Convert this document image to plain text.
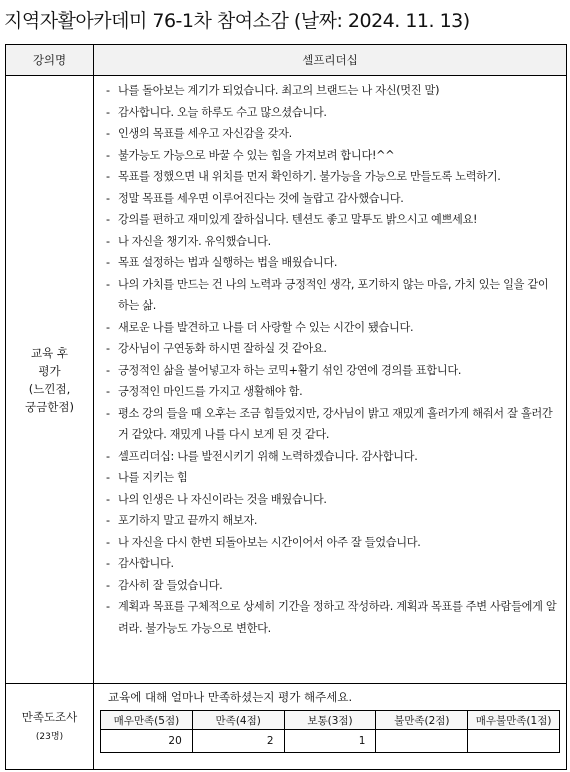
지역자활아카데미 76-1차 참여소감 (날짜: 2024. 11. 13)
강의명	셀프리더십

교육 후
평가
(느낀점,
궁금한점)

- 나를 돌아보는 계기가 되었습니다. 최고의 브랜드는 나 자신(멋진 말)
- 감사합니다. 오늘 하루도 수고 많으셨습니다.
- 인생의 목표를 세우고 자신감을 갖자.
- 불가능도 가능으로 바꿀 수 있는 힘을 가져보려 합니다!^^
- 목표를 정했으면 내 위치를 먼저 확인하기. 불가능을 가능으로 만들도록 노력하기.
- 정말 목표를 세우면 이루어진다는 것에 놀랍고 감사했습니다.
- 강의를 편하고 재미있게 잘하십니다. 텐션도 좋고 말투도 밝으시고 예쁘세요!
- 나 자신을 챙기자. 유익했습니다.
- 목표 설정하는 법과 실행하는 법을 배웠습니다.
- 나의 가치를 만드는 건 나의 노력과 긍정적인 생각, 포기하지 않는 마음, 가치 있는 일을 같이하는 삶.
- 새로운 나를 발견하고 나를 더 사랑할 수 있는 시간이 됐습니다.
- 강사님이 구연동화 하시면 잘하실 것 같아요.
- 긍정적인 삶을 불어넣고자 하는 코믹+활기 섞인 강연에 경의를 표합니다.
- 긍정적인 마인드를 가지고 생활해야 함.
- 평소 강의 들을 때 오후는 조금 힘들었지만, 강사님이 밝고 재밌게 흘러가게 해줘서 잘 흘러간 거 같았다. 재밌게 나를 다시 보게 된 것 같다.
- 셀프리더십: 나를 발전시키기 위해 노력하겠습니다. 감사합니다.
- 나를 지키는 힘
- 나의 인생은 나 자신이라는 것을 배웠습니다.
- 포기하지 말고 끝까지 해보자.
- 나 자신을 다시 한번 되돌아보는 시간이어서 아주 잘 들었습니다.
- 감사합니다.
- 감사히 잘 들었습니다.
- 계획과 목표를 구체적으로 상세히 기간을 정하고 작성하라. 계획과 목표를 주변 사람들에게 알려라. 불가능도 가능으로 변한다.

만족도조사
(23명)

교육에 대해 얼마나 만족하셨는지 평가 해주세요.
매우만족(5점)	만족(4점)	보통(3점)	불만족(2점)	매우불만족(1점)
20	2	1		
